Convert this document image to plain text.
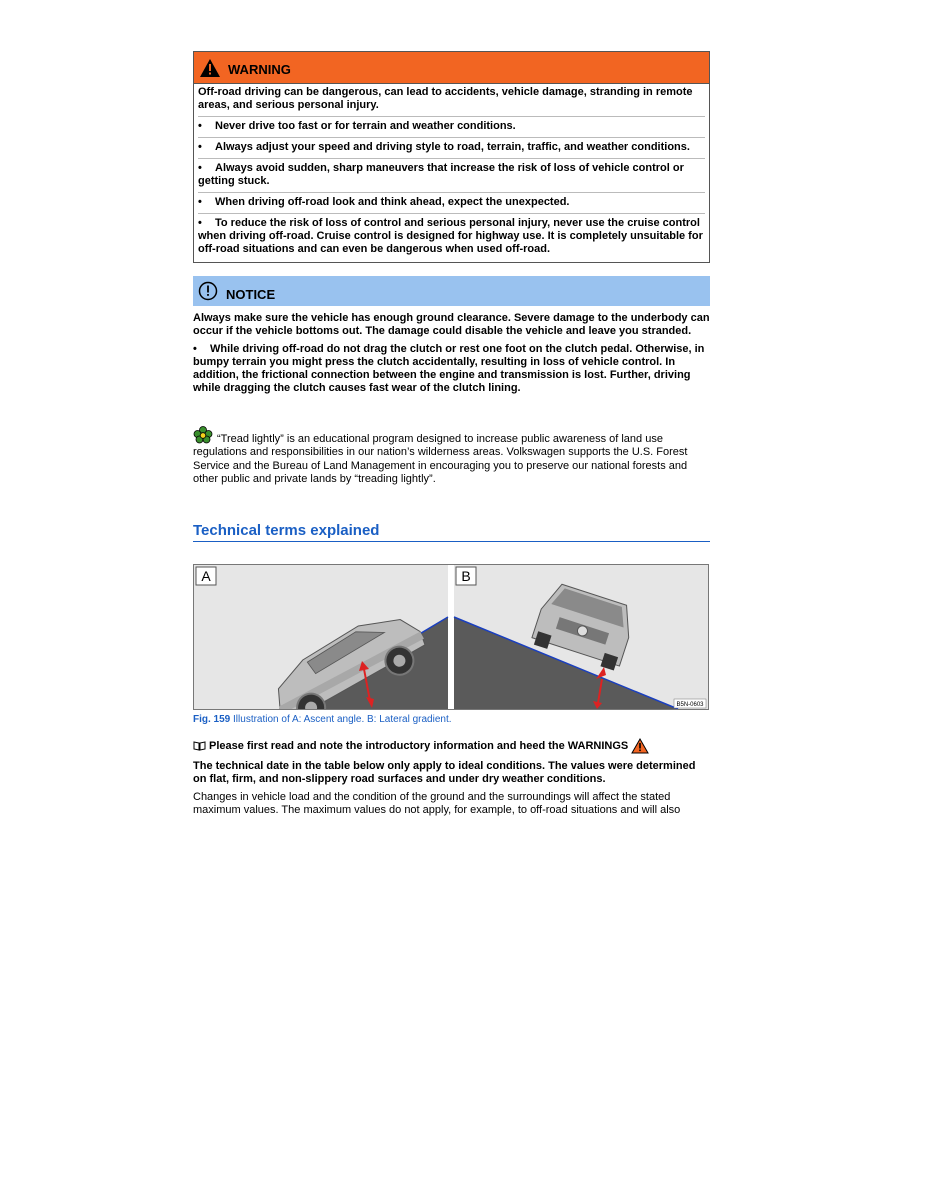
WARNING

Off-road driving can be dangerous, can lead to accidents, vehicle damage, stranding in remote areas, and serious personal injury.

• Never drive too fast or for terrain and weather conditions.

• Always adjust your speed and driving style to road, terrain, traffic, and weather conditions.

• Always avoid sudden, sharp maneuvers that increase the risk of loss of vehicle control or getting stuck.

• When driving off-road look and think ahead, expect the unexpected.

• To reduce the risk of loss of control and serious personal injury, never use the cruise control when driving off-road. Cruise control is designed for highway use. It is completely unsuitable for off-road situations and can even be dangerous when used off-road.

NOTICE

Always make sure the vehicle has enough ground clearance. Severe damage to the underbody can occur if the vehicle bottoms out. The damage could disable the vehicle and leave you stranded.

• While driving off-road do not drag the clutch or rest one foot on the clutch pedal. Otherwise, in bumpy terrain you might press the clutch accidentally, resulting in loss of vehicle control. In addition, the frictional connection between the engine and transmission is lost. Further, driving while dragging the clutch causes fast wear of the clutch lining.

“Tread lightly” is an educational program designed to increase public awareness of land use regulations and responsibilities in our nation’s wilderness areas. Volkswagen supports the U.S. Forest Service and the Bureau of Land Management in encouraging you to preserve our national forests and other public and private lands by “treading lightly”.

Technical terms explained
A	B
B5N-0603
Fig. 159 Illustration of A: Ascent angle. B: Lateral gradient.
Please first read and note the introductory information and heed the WARNINGS

The technical date in the table below only apply to ideal conditions. The values were determined on flat, firm, and non-slippery road surfaces and under dry weather conditions.

Changes in vehicle load and the condition of the ground and the surroundings will affect the stated maximum values. The maximum values do not apply, for example, to off-road situations and will also
